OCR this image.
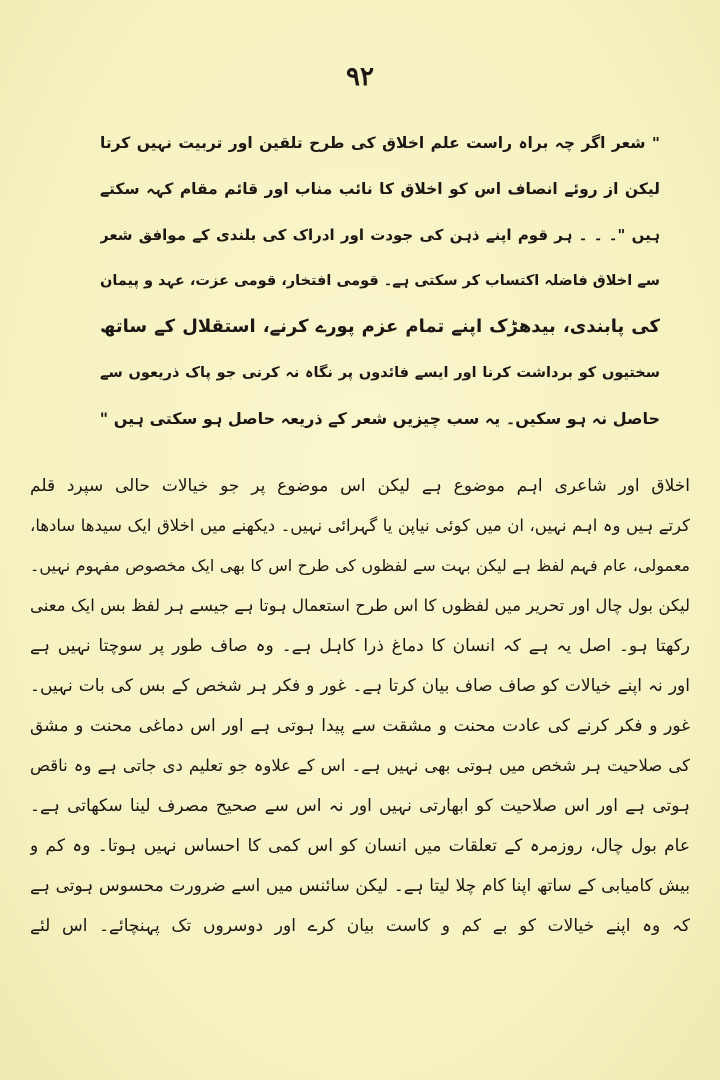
۹۲
" شعر اگر چہ براہ راست علم اخلاق کی طرح تلقین اور تربیت نہیں کرتا
لیکن از روئے انصاف اس کو اخلاق کا نائب مناب اور قائم مقام کہہ سکتے
ہیں "۔ ۔ ۔ ہر قوم اپنے ذہن کی جودت اور ادراک کی بلندی کے موافق شعر
سے اخلاق فاضلہ اکتساب کر سکتی ہے۔ قومی افتخار، قومی عزت، عہد و پیمان
کی پابندی، بیدھڑک اپنے تمام عزم پورے کرنے، استقلال کے ساتھ
سختیوں کو برداشت کرنا اور ایسے فائدوں پر نگاہ نہ کرنی جو پاک ذریعوں سے
حاصل نہ ہو سکیں۔ یہ سب چیزیں شعر کے ذریعہ حاصل ہو سکتی ہیں "
اخلاق اور شاعری اہم موضوع ہے لیکن اس موضوع پر جو خیالات حالی سپرد قلم
کرتے ہیں وہ اہم نہیں، ان میں کوئی نیاپن یا گہرائی نہیں۔ دیکھنے میں اخلاق ایک سیدھا سادھا،
معمولی، عام فہم لفظ ہے لیکن بہت سے لفظوں کی طرح اس کا بھی ایک مخصوص مفہوم نہیں۔
لیکن بول چال اور تحریر میں لفظوں کا اس طرح استعمال ہوتا ہے جیسے ہر لفظ بس ایک معنی
رکھتا ہو۔ اصل یہ ہے کہ انسان کا دماغ ذرا کاہل ہے۔ وہ صاف طور پر سوچتا نہیں ہے
اور نہ اپنے خیالات کو صاف صاف بیان کرتا ہے۔ غور و فکر ہر شخص کے بس کی بات نہیں۔
غور و فکر کرنے کی عادت محنت و مشقت سے پیدا ہوتی ہے اور اس دماغی محنت و مشق
کی صلاحیت ہر شخص میں ہوتی بھی نہیں ہے۔ اس کے علاوہ جو تعلیم دی جاتی ہے وہ ناقص
ہوتی ہے اور اس صلاحیت کو ابھارتی نہیں اور نہ اس سے صحیح مصرف لینا سکھاتی ہے۔
عام بول چال، روزمرہ کے تعلقات میں انسان کو اس کمی کا احساس نہیں ہوتا۔ وہ کم و
بیش کامیابی کے ساتھ اپنا کام چلا لیتا ہے۔ لیکن سائنس میں اسے ضرورت محسوس ہوتی ہے
کہ وہ اپنے خیالات کو بے کم و کاست بیان کرے اور دوسروں تک پہنچائے۔ اس لئے
